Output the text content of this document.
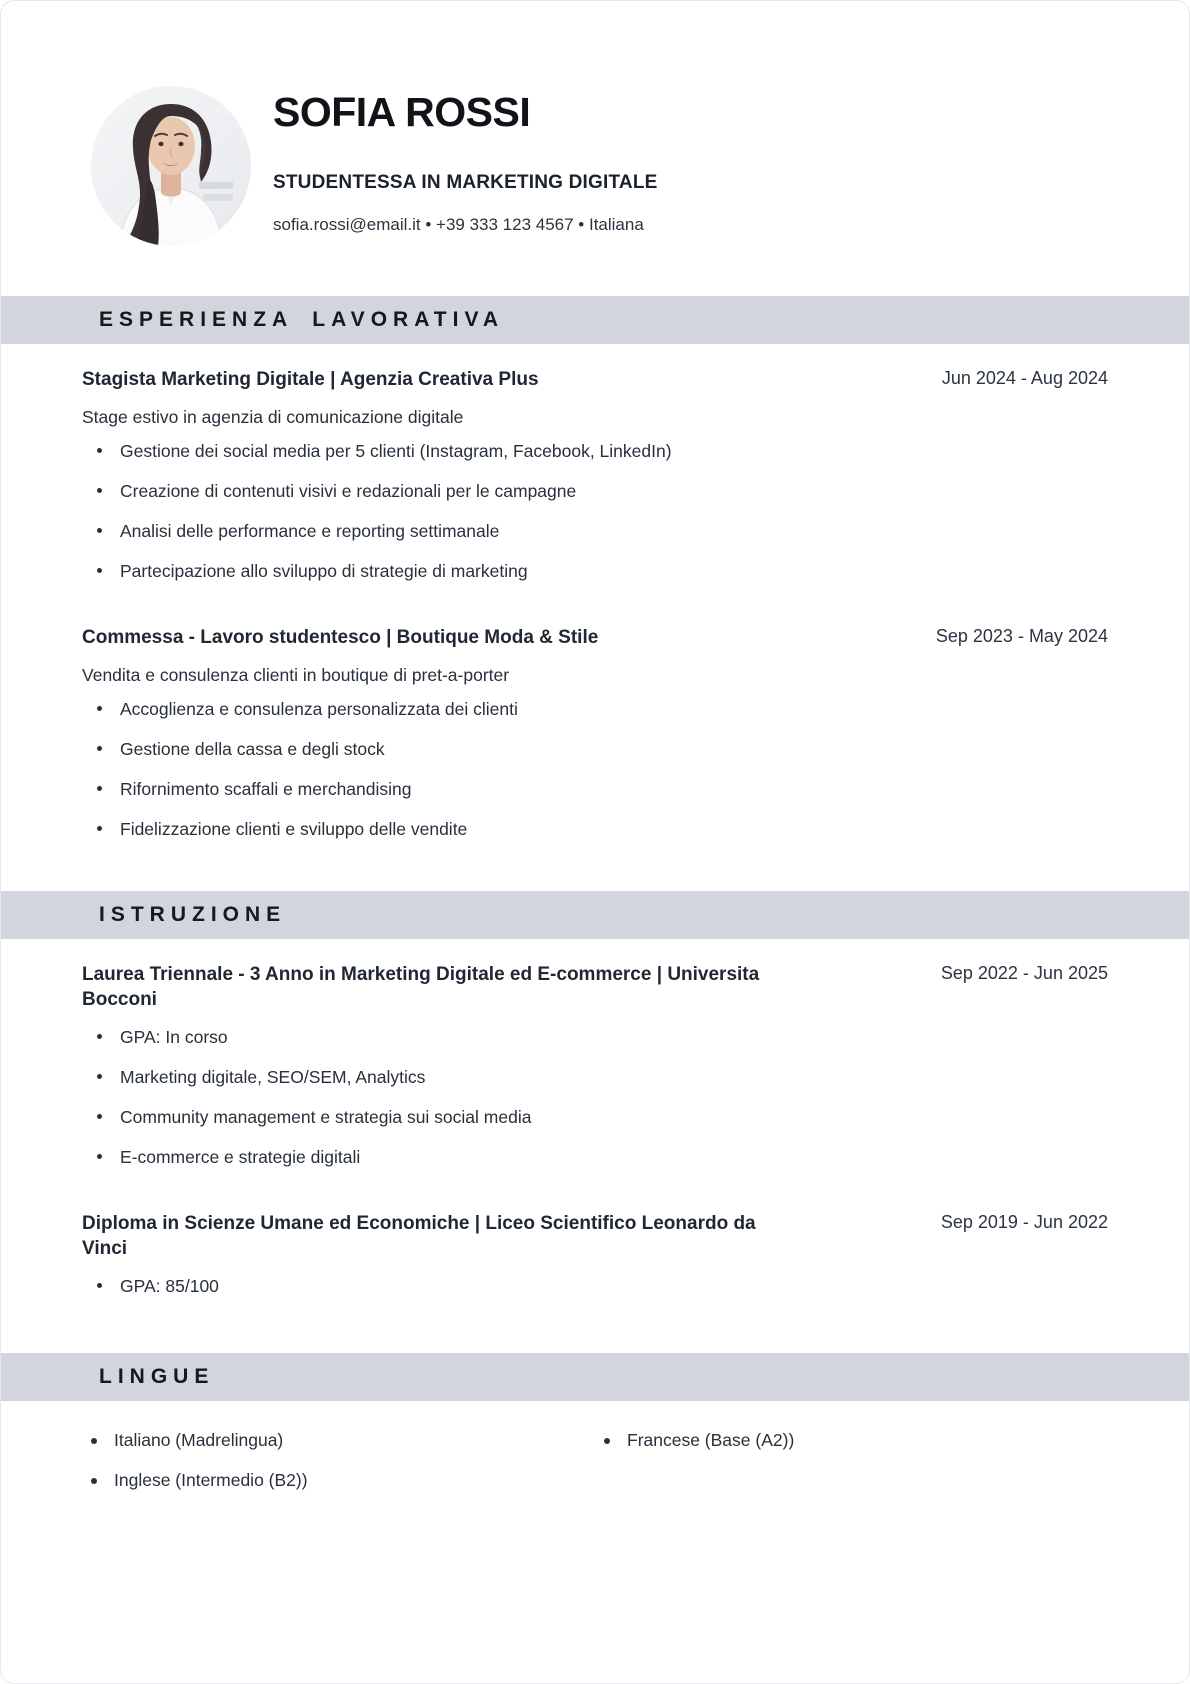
SOFIA ROSSI
STUDENTESSA IN MARKETING DIGITALE
sofia.rossi@email.it • +39 333 123 4567 • Italiana
ESPERIENZA LAVORATIVA
Stagista Marketing Digitale | Agenzia Creativa Plus	Jun 2024 - Aug 2024

Stage estivo in agenzia di comunicazione digitale

Gestione dei social media per 5 clienti (Instagram, Facebook, LinkedIn)
Creazione di contenuti visivi e redazionali per le campagne
Analisi delle performance e reporting settimanale
Partecipazione allo sviluppo di strategie di marketing
Commessa - Lavoro studentesco | Boutique Moda & Stile	Sep 2023 - May 2024

Vendita e consulenza clienti in boutique di pret-a-porter

Accoglienza e consulenza personalizzata dei clienti
Gestione della cassa e degli stock
Rifornimento scaffali e merchandising
Fidelizzazione clienti e sviluppo delle vendite
ISTRUZIONE
Laurea Triennale - 3 Anno in Marketing Digitale ed E-commerce | Universita Bocconi
Sep 2022 - Jun 2025
GPA: In corso
Marketing digitale, SEO/SEM, Analytics
Community management e strategia sui social media
E-commerce e strategie digitali
Diploma in Scienze Umane ed Economiche | Liceo Scientifico Leonardo da Vinci
Sep 2019 - Jun 2022
GPA: 85/100
LINGUE
Italiano (Madrelingua)
Inglese (Intermedio (B2))
Francese (Base (A2))
